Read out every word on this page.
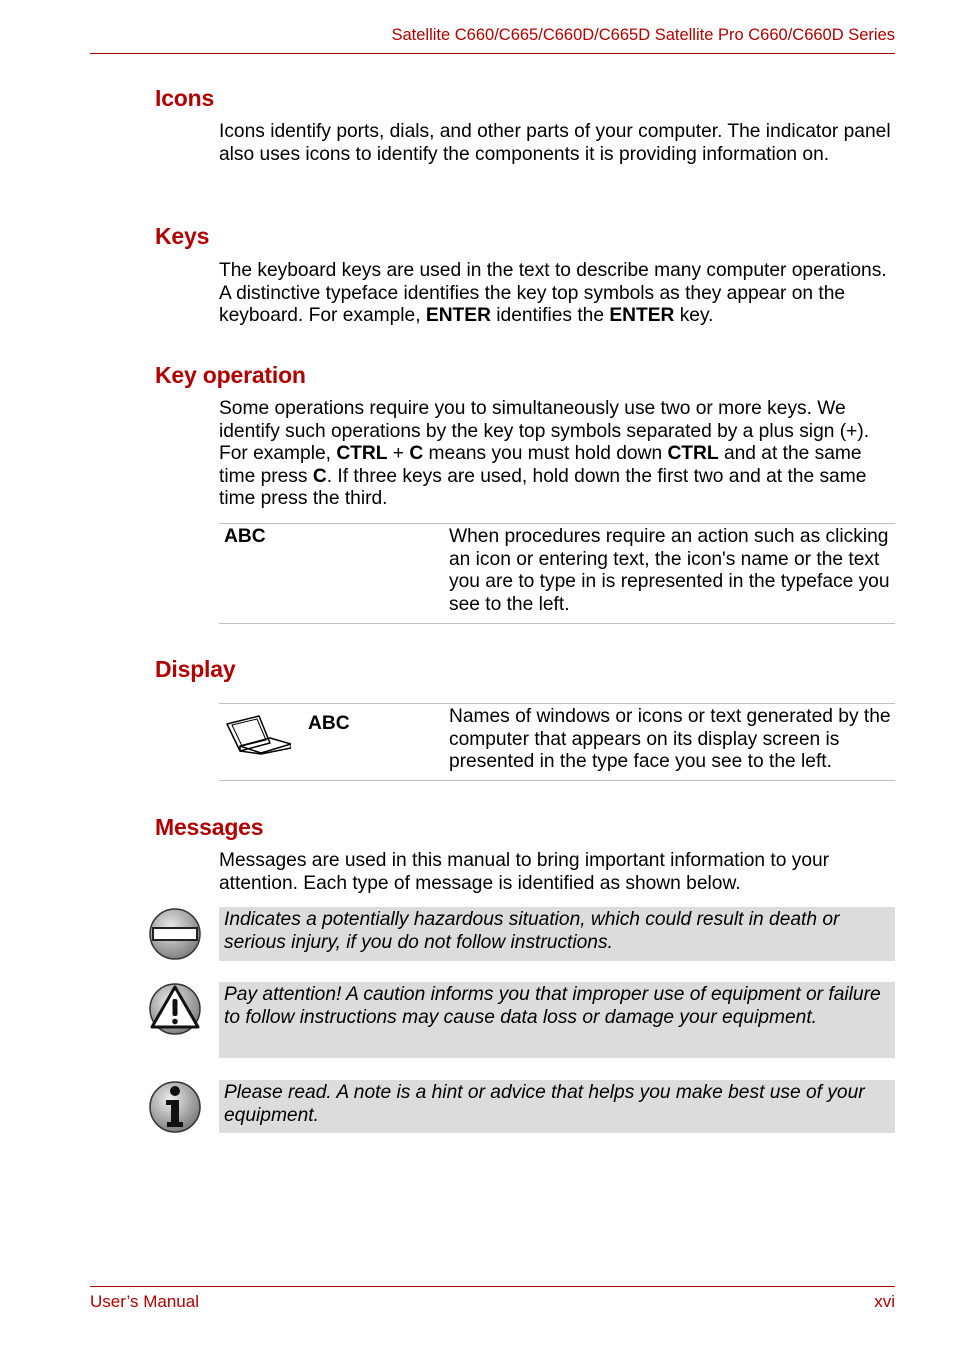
Satellite C660/C665/C660D/C665D Satellite Pro C660/C660D Series
Icons

Icons identify ports, dials, and other parts of your computer. The indicator panel also uses icons to identify the components it is providing information on.

Keys

The keyboard keys are used in the text to describe many computer operations. A distinctive typeface identifies the key top symbols as they appear on the keyboard. For example, ENTER identifies the ENTER key.

Key operation

Some operations require you to simultaneously use two or more keys. We identify such operations by the key top symbols separated by a plus sign (+). For example, CTRL + C means you must hold down CTRL and at the same time press C. If three keys are used, hold down the first two and at the same time press the third.

ABC	When procedures require an action such as clicking an icon or entering text, the icon's name or the text you are to type in is represented in the typeface you see to the left.
Display
ABC	Names of windows or icons or text generated by the computer that appears on its display screen is presented in the type face you see to the left.
Messages

Messages are used in this manual to bring important information to your attention. Each type of message is identified as shown below.

Indicates a potentially hazardous situation, which could result in death or serious injury, if you do not follow instructions.
Pay attention! A caution informs you that improper use of equipment or failure to follow instructions may cause data loss or damage your equipment.
Please read. A note is a hint or advice that helps you make best use of your equipment.
User’s Manual	xvi
